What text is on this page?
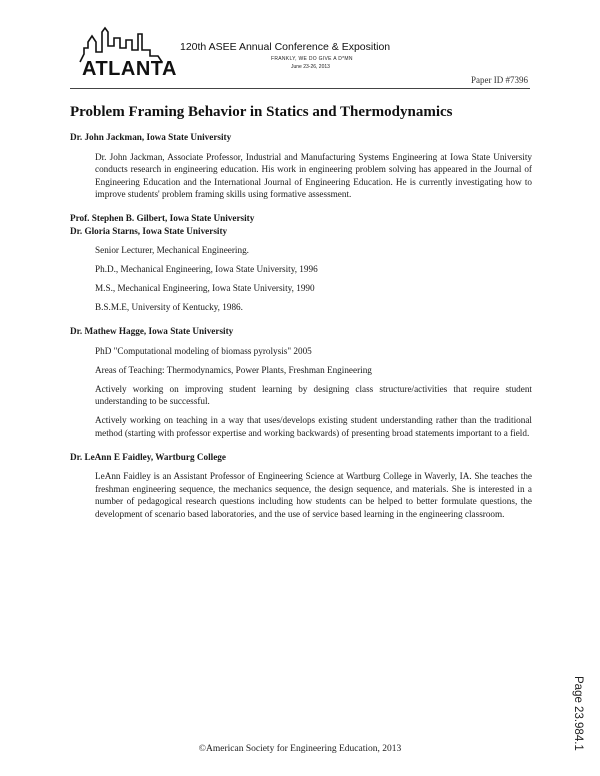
ATLANTA
120th ASEE Annual Conference & Exposition
FRANKLY, WE DO GIVE A D*MN
June 23-26, 2013
Paper ID #7396
Problem Framing Behavior in Statics and Thermodynamics

Dr. John Jackman, Iowa State University

Dr. John Jackman, Associate Professor, Industrial and Manufacturing Systems Engineering at Iowa State University conducts research in engineering education. His work in engineering problem solving has appeared in the Journal of Engineering Education and the International Journal of Engineering Education. He is currently investigating how to improve students' problem framing skills using formative assessment.

Prof. Stephen B. Gilbert, Iowa State University

Dr. Gloria Starns, Iowa State University

Senior Lecturer, Mechanical Engineering.

Ph.D., Mechanical Engineering, Iowa State University, 1996

M.S., Mechanical Engineering, Iowa State University, 1990

B.S.M.E, University of Kentucky, 1986.

Dr. Mathew Hagge, Iowa State University

PhD "Computational modeling of biomass pyrolysis" 2005

Areas of Teaching: Thermodynamics, Power Plants, Freshman Engineering

Actively working on improving student learning by designing class structure/activities that require student understanding to be successful.

Actively working on teaching in a way that uses/develops existing student understanding rather than the traditional method (starting with professor expertise and working backwards) of presenting broad statements important to a field.

Dr. LeAnn E Faidley, Wartburg College

LeAnn Faidley is an Assistant Professor of Engineering Science at Wartburg College in Waverly, IA. She teaches the freshman engineering sequence, the mechanics sequence, the design sequence, and materials. She is interested in a number of pedagogical research questions including how students can be helped to better formulate questions, the development of scenario based laboratories, and the use of service based learning in the engineering classroom.

Page 23.984.1
©American Society for Engineering Education, 2013
